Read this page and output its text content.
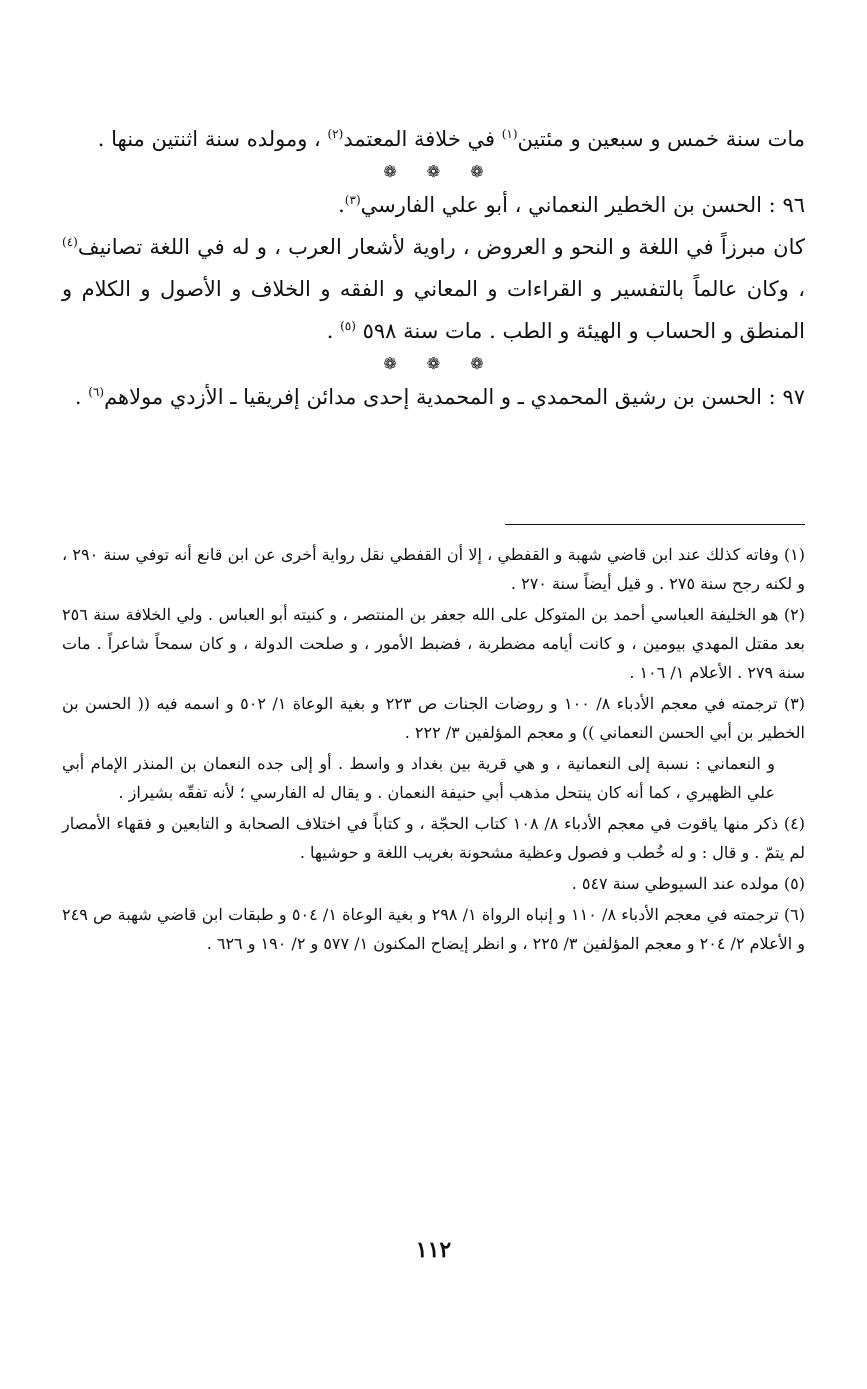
مات سنة خمس و سبعين و مئتين$^{(١)}$ في خلافة المعتمد$^{(٢)}$ ، ومولده سنة اثنتين منها .

❁ ❁ ❁

٩٦ : الحسن بن الخطير النعماني ، أبو علي الفارسي$^{(٣)}$.

كان مبرزاً في اللغة و النحو و العروض ، راوية لأشعار العرب ، و له في اللغة تصانيف$^{(٤)}$ ، وكان عالماً بالتفسير و القراءات و المعاني و الفقه و الخلاف و الأصول و الكلام و المنطق و الحساب و الهيئة و الطب . مات سنة ٥٩٨ $^{(٥)}$ .

❁ ❁ ❁

٩٧ : الحسن بن رشيق المحمدي ـ و المحمدية إحدى مدائن إفريقيا ـ الأزدي مولاهم$^{(٦)}$ .

(١) وفاته كذلك عند ابن قاضي شهبة و القفطي ، إلا أن القفطي نقل رواية أخرى عن ابن قانع أنه توفي سنة ٢٩٠ ، و لكنه رجح سنة ٢٧٥ . و قيل أيضاً سنة ٢٧٠ .

(٢) هو الخليفة العباسي أحمد بن المتوكل على الله جعفر بن المنتصر ، و كنيته أبو العباس . ولي الخلافة سنة ٢٥٦ بعد مقتل المهدي بيومين ، و كانت أيامه مضطربة ، فضبط الأمور ، و صلحت الدولة ، و كان سمحاً شاعراً . مات سنة ٢٧٩ . الأعلام ١/ ١٠٦ .

(٣) ترجمته في معجم الأدباء ٨/ ١٠٠ و روضات الجنات ص ٢٢٣ و بغية الوعاة ١/ ٥٠٢ و اسمه فيه (( الحسن بن الخطير بن أبي الحسن النعماني )) و معجم المؤلفين ٣/ ٢٢٢ .

و النعماني : نسبة إلى النعمانية ، و هي قرية بين بغداد و واسط . أو إلى جده النعمان بن المنذر الإمام أبي علي الظهيري ، كما أنه كان ينتحل مذهب أبي حنيفة النعمان . و يقال له الفارسي ؛ لأنه تفقّه بشيراز .

(٤) ذكر منها ياقوت في معجم الأدباء ٨/ ١٠٨ كتاب الحجّة ، و كتاباً في اختلاف الصحابة و التابعين و فقهاء الأمصار لم يتمّ . و قال : و له خُطب و فصول وعظية مشحونة بغريب اللغة و حوشيها .

(٥) مولده عند السيوطي سنة ٥٤٧ .

(٦) ترجمته في معجم الأدباء ٨/ ١١٠ و إنباه الرواة ١/ ٢٩٨ و بغية الوعاة ١/ ٥٠٤ و طبقات ابن قاضي شهبة ص ٢٤٩ و الأعلام ٢/ ٢٠٤ و معجم المؤلفين ٣/ ٢٢٥ ، و انظر إيضاح المكنون ١/ ٥٧٧ و ٢/ ١٩٠ و ٦٢٦ .

١١٢
